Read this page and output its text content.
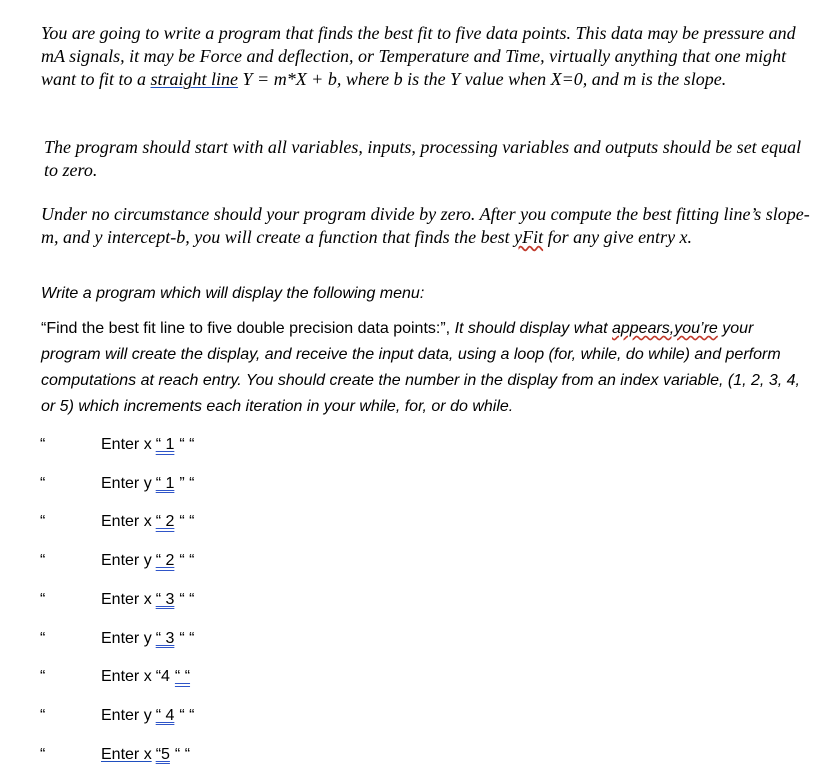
You are going to write a program that finds the best fit to five data points. This data may be pressure and mA signals, it may be Force and deflection, or Temperature and Time, virtually anything that one might want to fit to a straight line Y = m*X + b, where b is the Y value when X=0, and m is the slope.

The program should start with all variables, inputs, processing variables and outputs should be set equal to zero.

Under no circumstance should your program divide by zero. After you compute the best fitting line’s slope-m, and y intercept-b, you will create a function that finds the best yFit for any give entry x.

Write a program which will display the following menu:

“Find the best fit line to five double precision data points:”, It should display what appears,you’re your program will create the display, and receive the input data, using a loop (for, while, do while) and perform computations at reach entry. You should create the number in the display from an index variable, (1, 2, 3, 4, or 5) which increments each iteration in your while, for, or do while.

“	Enter x “ 1 “ “
“	Enter y “ 1 ” “
“	Enter x “ 2 “ “
“	Enter y “ 2 “ “
“	Enter x “ 3 “ “
“	Enter y “ 3 “ “
“	Enter x “4 “ “
“	Enter y “ 4 “ “
“	Enter x “5 “ “
